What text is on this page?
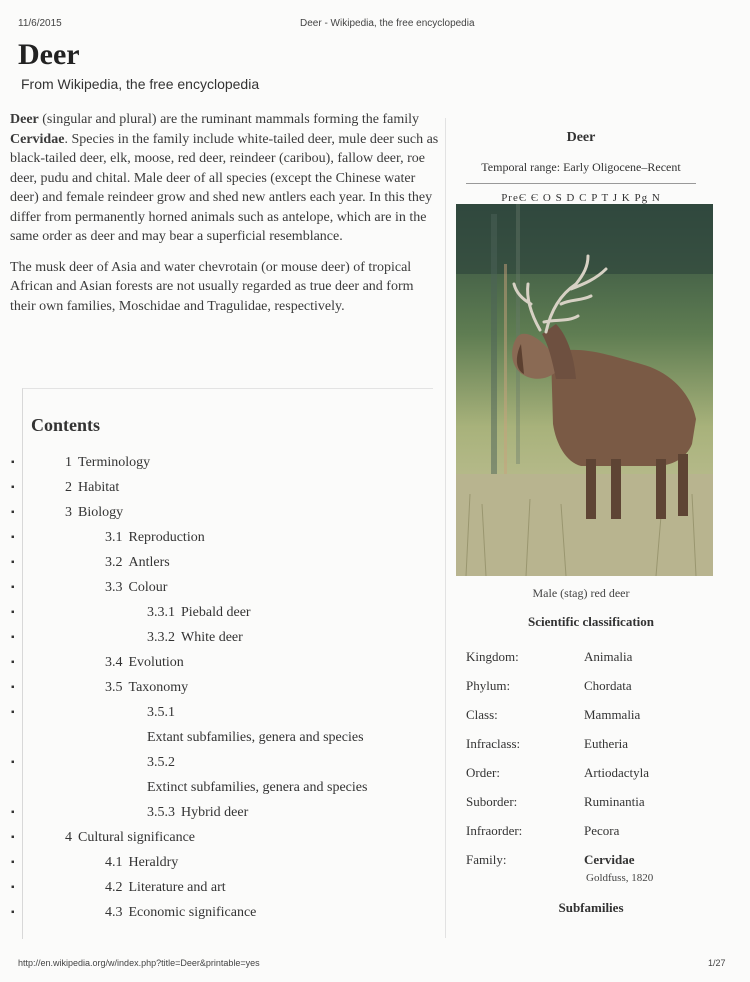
11/6/2015	Deer - Wikipedia, the free encyclopedia
Deer
From Wikipedia, the free encyclopedia

Deer (singular and plural) are the ruminant mammals forming the family Cervidae. Species in the family include white-tailed deer, mule deer such as black-tailed deer, elk, moose, red deer, reindeer (caribou), fallow deer, roe deer, pudu and chital. Male deer of all species (except the Chinese water deer) and female reindeer grow and shed new antlers each year. In this they differ from permanently horned animals such as antelope, which are in the same order as deer and may bear a superficial resemblance.

The musk deer of Asia and water chevrotain (or mouse deer) of tropical African and Asian forests are not usually regarded as true deer and form their own families, Moschidae and Tragulidae, respectively.

Contents
▪ 1 Terminology
▪ 2 Habitat
▪ 3 Biology
▪ 3.1 Reproduction
▪ 3.2 Antlers
▪ 3.3 Colour
▪ 3.3.1 Piebald deer
▪ 3.3.2 White deer
▪ 3.4 Evolution
▪ 3.5 Taxonomy
▪ 3.5.1Extant subfamilies, genera and species
▪ 3.5.2Extinct subfamilies, genera and species
▪ 3.5.3 Hybrid deer
▪ 4 Cultural significance
▪ 4.1 Heraldry
▪ 4.2 Literature and art
▪ 4.3 Economic significance
Deer
Temporal range: Early Oligocene–Recent
PreЄ Є O S D C P T J K Pg N
Male (stag) red deer
Scientific classification
Kingdom:	Animalia
Phylum:	Chordata
Class:	Mammalia
Infraclass:	Eutheria
Order:	Artiodactyla
Suborder:	Ruminantia
Infraorder:	Pecora
Family:	Cervidae
Goldfuss, 1820
Subfamilies
http://en.wikipedia.org/w/index.php?title=Deer&printable=yes	1/27
